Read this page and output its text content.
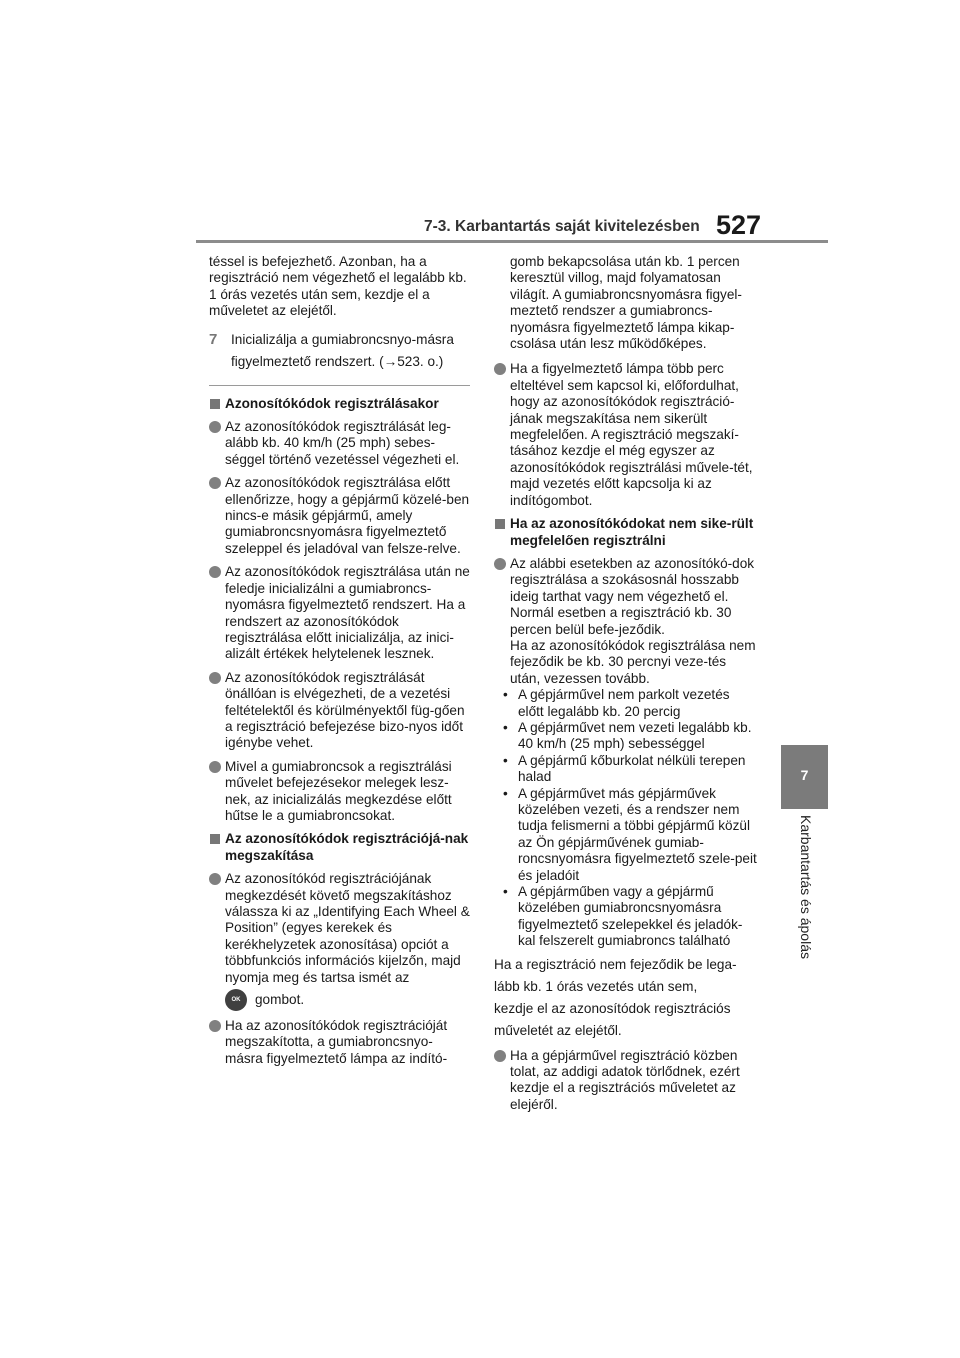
7-3. Karbantartás saját kivitelezésben 527
7
Karbantartás és ápolás
téssel is befejezhető. Azonban, ha a regisztráció nem végezhető el legalább kb. 1 órás vezetés után sem, kezdje el a műveletet az elejétől.
7 Inicializálja a gumiabroncsnyo-másra figyelmeztető rendszert. (→523. o.)
Azonosítókódok regisztrálásakor
Az azonosítókódok regisztrálását leg-alább kb. 40 km/h (25 mph) sebes-séggel történő vezetéssel végezheti el.
Az azonosítókódok regisztrálása előtt ellenőrizze, hogy a gépjármű közelé-ben nincs-e másik gépjármű, amely gumiabroncsnyomásra figyelmeztető szeleppel és jeladóval van felsze-relve.
Az azonosítókódok regisztrálása után ne feledje inicializálni a gumiabroncs-nyomásra figyelmeztető rendszert. Ha a rendszert az azonosítókódok regisztrálása előtt inicializálja, az inici-alizált értékek helytelenek lesznek.
Az azonosítókódok regisztrálását önállóan is elvégezheti, de a vezetési feltételektől és körülményektől füg-gően a regisztráció befejezése bizo-nyos időt igénybe vehet.
Mivel a gumiabroncsok a regisztrálási művelet befejezésekor melegek lesz-nek, az inicializálás megkezdése előtt hűtse le a gumiabroncsokat.
Az azonosítókódok regisztrációjá-nak megszakítása
Az azonosítókód regisztrációjának megkezdését követő megszakításhoz válassza ki az „Identifying Each Wheel & Position” (egyes kerekek és kerékhelyzetek azonosítása) opciót a többfunkciós információs kijelzőn, majd nyomja meg és tartsa ismét az
OK	gombot.
Ha az azonosítókódok regisztrációját megszakította, a gumiabroncsnyo-másra figyelmeztető lámpa az indító-
gomb bekapcsolása után kb. 1 percen keresztül villog, majd folyamatosan világít. A gumiabroncsnyomásra figyel-meztető rendszer a gumiabroncs-nyomásra figyelmeztető lámpa kikap-csolása után lesz működőképes.
Ha a figyelmeztető lámpa több perc elteltével sem kapcsol ki, előfordulhat, hogy az azonosítókódok regisztráció-jának megszakítása nem sikerült megfelelően. A regisztráció megszakí-tásához kezdje el még egyszer az azonosítókódok regisztrálási művele-tét, majd vezetés előtt kapcsolja ki az indítógombot.
Ha az azonosítókódokat nem sike-rült megfelelően regisztrálni
Az alábbi esetekben az azonosítókó-dok regisztrálása a szokásosnál hosszabb ideig tarthat vagy nem végezhető el. Normál esetben a regisztráció kb. 30 percen belül befe-jeződik.
Ha az azonosítókódok regisztrálása nem fejeződik be kb. 30 percnyi veze-tés után, vezessen tovább.
• A gépjárművel nem parkolt vezetés előtt legalább kb. 20 percig
• A gépjárművet nem vezeti legalább kb. 40 km/h (25 mph) sebességgel
• A gépjármű kőburkolat nélküli terepen halad
• A gépjárművet más gépjárművek közelében vezeti, és a rendszer nem tudja felismerni a többi gépjármű közül az Ön gépjárművének gumiab-roncsnyomásra figyelmeztető szele-peit és jeladóit
• A gépjárműben vagy a gépjármű közelében gumiabroncsnyomásra figyelmeztető szelepekkel és jeladók-kal felszerelt gumiabroncs található
Ha a regisztráció nem fejeződik be lega-
lább kb. 1 órás vezetés után sem,
kezdje el az azonosítódok regisztrációs
műveletét az elejétől.
Ha a gépjárművel regisztráció közben tolat, az addigi adatok törlődnek, ezért kezdje el a regisztrációs műveletet az elejéről.
